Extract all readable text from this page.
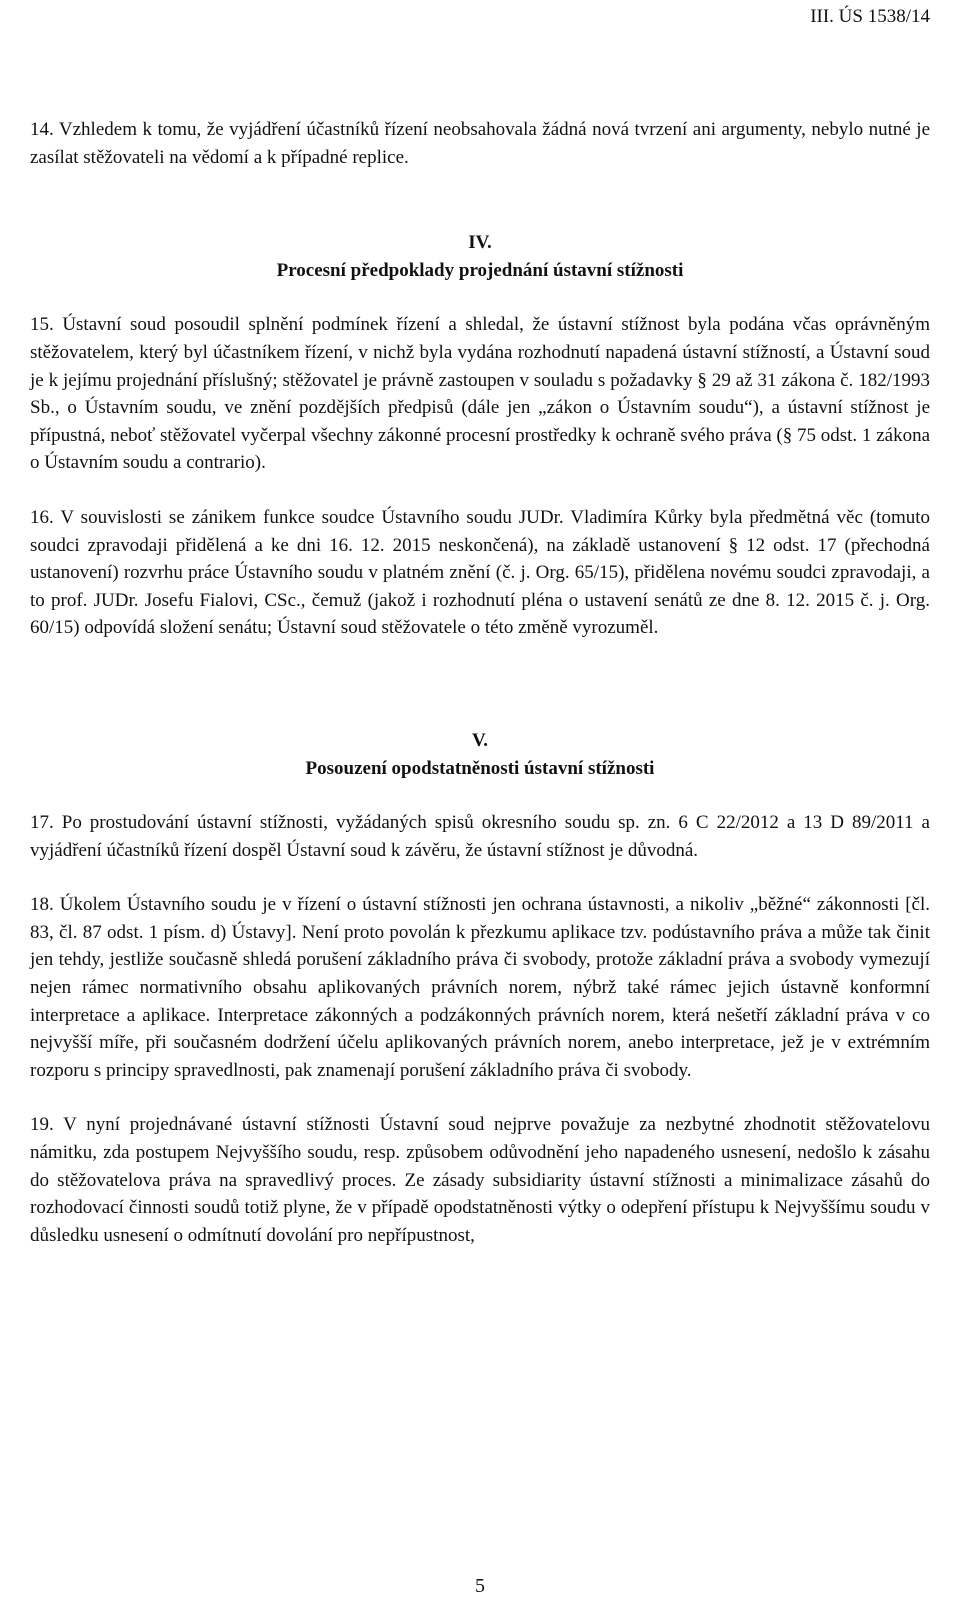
III. ÚS 1538/14

14. Vzhledem k tomu, že vyjádření účastníků řízení neobsahovala žádná nová tvrzení ani argumenty, nebylo nutné je zasílat stěžovateli na vědomí a k případné replice.

IV.

Procesní předpoklady projednání ústavní stížnosti

15. Ústavní soud posoudil splnění podmínek řízení a shledal, že ústavní stížnost byla podána včas oprávněným stěžovatelem, který byl účastníkem řízení, v nichž byla vydána rozhodnutí napadená ústavní stížností, a Ústavní soud je k jejímu projednání příslušný; stěžovatel je právně zastoupen v souladu s požadavky § 29 až 31 zákona č. 182/1993 Sb., o Ústavním soudu, ve znění pozdějších předpisů (dále jen „zákon o Ústavním soudu“), a ústavní stížnost je přípustná, neboť stěžovatel vyčerpal všechny zákonné procesní prostředky k ochraně svého práva (§ 75 odst. 1 zákona o Ústavním soudu a contrario).

16. V souvislosti se zánikem funkce soudce Ústavního soudu JUDr. Vladimíra Kůrky byla předmětná věc (tomuto soudci zpravodaji přidělená a ke dni 16. 12. 2015 neskončená), na základě ustanovení § 12 odst. 17 (přechodná ustanovení) rozvrhu práce Ústavního soudu v platném znění (č. j. Org. 65/15), přidělena novému soudci zpravodaji, a to prof. JUDr. Josefu Fialovi, CSc., čemuž (jakož i rozhodnutí pléna o ustavení senátů ze dne 8. 12. 2015 č. j. Org. 60/15) odpovídá složení senátu; Ústavní soud stěžovatele o této změně vyrozuměl.

V.

Posouzení opodstatněnosti ústavní stížnosti

17. Po prostudování ústavní stížnosti, vyžádaných spisů okresního soudu sp. zn. 6 C 22/2012 a 13 D 89/2011 a vyjádření účastníků řízení dospěl Ústavní soud k závěru, že ústavní stížnost je důvodná.

18. Úkolem Ústavního soudu je v řízení o ústavní stížnosti jen ochrana ústavnosti, a nikoliv „běžné“ zákonnosti [čl. 83, čl. 87 odst. 1 písm. d) Ústavy]. Není proto povolán k přezkumu aplikace tzv. podústavního práva a může tak činit jen tehdy, jestliže současně shledá porušení základního práva či svobody, protože základní práva a svobody vymezují nejen rámec normativního obsahu aplikovaných právních norem, nýbrž také rámec jejich ústavně konformní interpretace a aplikace. Interpretace zákonných a podzákonných právních norem, která nešetří základní práva v co nejvyšší míře, při současném dodržení účelu aplikovaných právních norem, anebo interpretace, jež je v extrémním rozporu s principy spravedlnosti, pak znamenají porušení základního práva či svobody.

19. V nyní projednávané ústavní stížnosti Ústavní soud nejprve považuje za nezbytné zhodnotit stěžovatelovu námitku, zda postupem Nejvyššího soudu, resp. způsobem odůvodnění jeho napadeného usnesení, nedošlo k zásahu do stěžovatelova práva na spravedlivý proces. Ze zásady subsidiarity ústavní stížnosti a minimalizace zásahů do rozhodovací činnosti soudů totiž plyne, že v případě opodstatněnosti výtky o odepření přístupu k Nejvyššímu soudu v důsledku usnesení o odmítnutí dovolání pro nepřípustnost,

5
